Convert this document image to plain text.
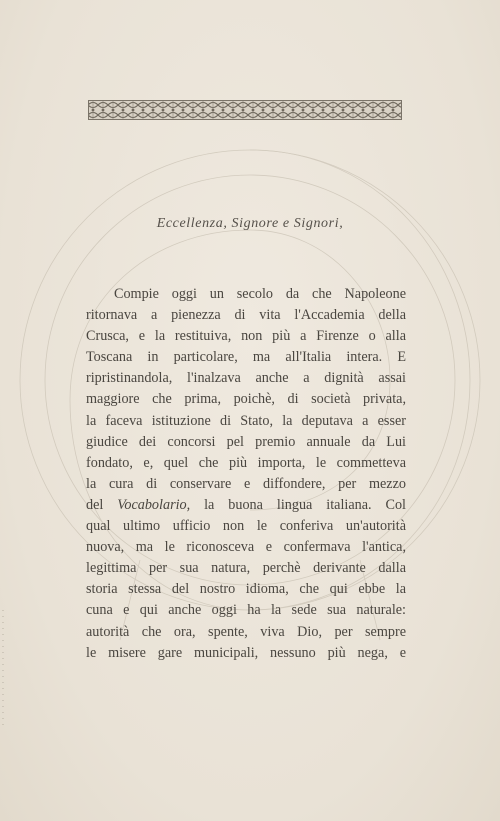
Eccellenza, Signore e Signori,
Compie oggi un secolo da che Napoleone
ritornava a pienezza di vita l'Accademia della
Crusca, e la restituiva, non più a Firenze o alla
Toscana in particolare, ma all'Italia intera. E
ripristinandola, l'inalzava anche a dignità assai
maggiore che prima, poichè, di società privata,
la faceva istituzione di Stato, la deputava a esser
giudice dei concorsi pel premio annuale da Lui
fondato, e, quel che più importa, le commetteva
la cura di conservare e diffondere, per mezzo
del Vocabolario, la buona lingua italiana. Col
qual ultimo ufficio non le conferiva un'autorità
nuova, ma le riconosceva e confermava l'antica,
legittima per sua natura, perchè derivante dalla
storia stessa del nostro idioma, che qui ebbe la
cuna e qui anche oggi ha la sede sua naturale:
autorità che ora, spente, viva Dio, per sempre
le misere gare municipali, nessuno più nega, e
